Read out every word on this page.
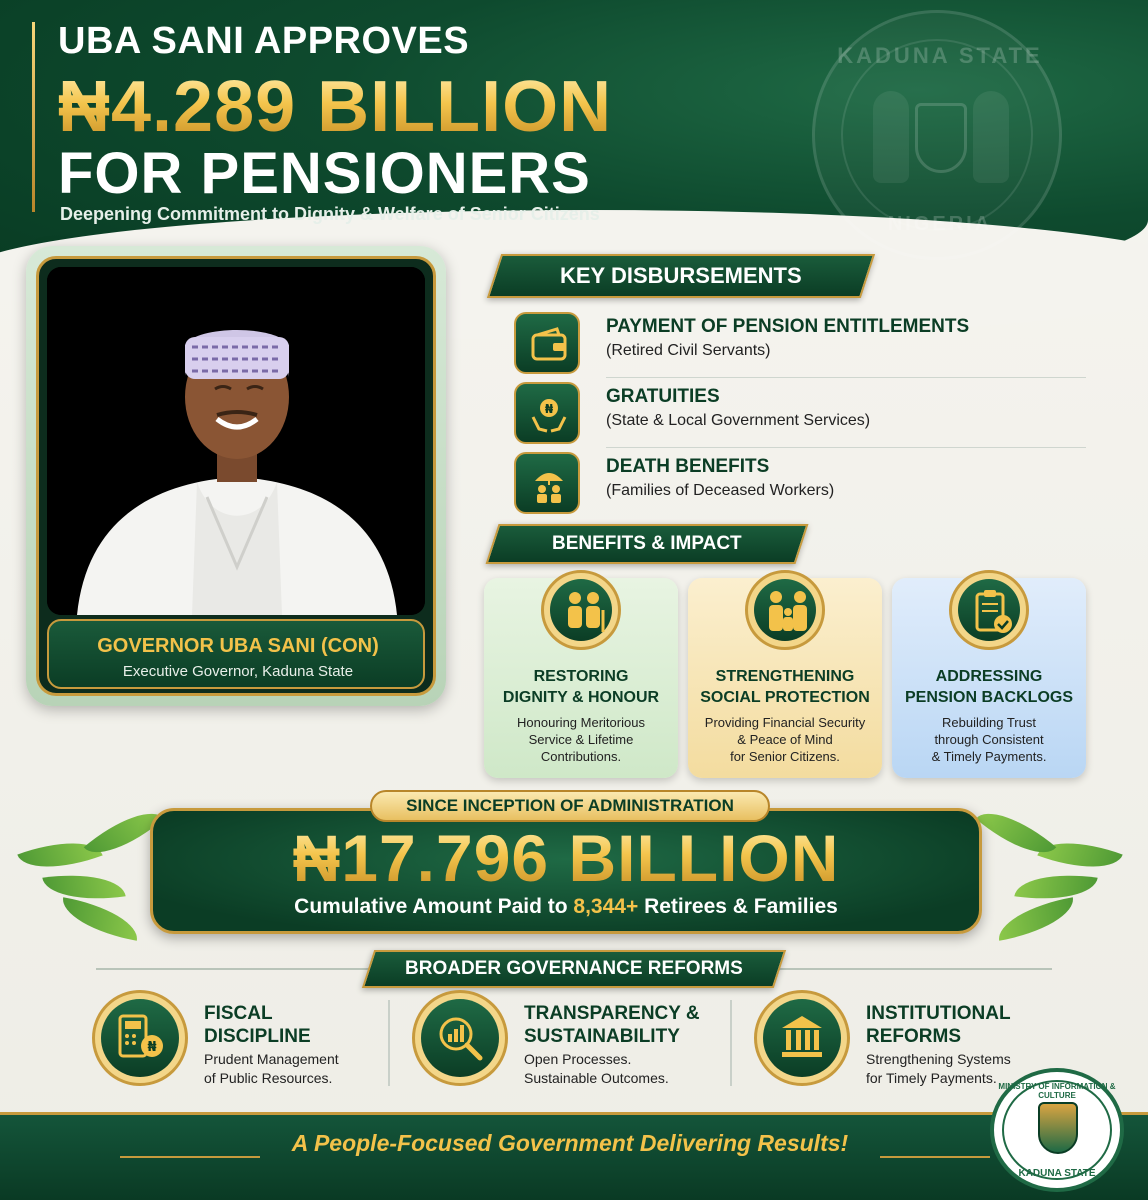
UBA SANI APPROVES
₦4.289 BILLION
FOR PENSIONERS
Deepening Commitment to Dignity & Welfare of Senior Citizens
KADUNA STATE
NIGERIA
GOVERNOR UBA SANI (CON)
Executive Governor, Kaduna State
KEY DISBURSEMENTS
PAYMENT OF PENSION ENTITLEMENTS
(Retired Civil Servants)
₦
GRATUITIES
(State & Local Government Services)
DEATH BENEFITS
(Families of Deceased Workers)
BENEFITS & IMPACT
RESTORING
DIGNITY & HONOUR
Honouring Meritorious
Service & Lifetime
Contributions.
STRENGTHENING
SOCIAL PROTECTION
Providing Financial Security
& Peace of Mind
for Senior Citizens.
ADDRESSING
PENSION BACKLOGS
Rebuilding Trust
through Consistent
& Timely Payments.
SINCE INCEPTION OF ADMINISTRATION
₦17.796 BILLION
Cumulative Amount Paid to 8,344+ Retirees & Families
BROADER GOVERNANCE REFORMS
₦
FISCAL
DISCIPLINE
Prudent Management
of Public Resources.
TRANSPARENCY &
SUSTAINABILITY
Open Processes.
Sustainable Outcomes.
INSTITUTIONAL
REFORMS
Strengthening Systems
for Timely Payments.
A People-Focused Government Delivering Results!
MINISTRY OF INFORMATION & CULTURE
KADUNA STATE
